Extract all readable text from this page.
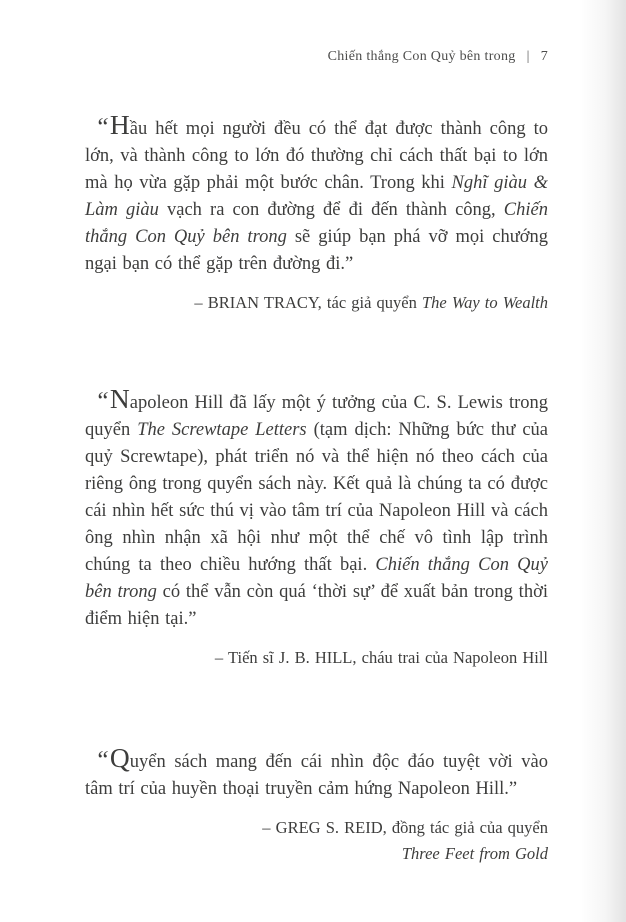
Chiến thắng Con Quỷ bên trong | 7

“Hầu hết mọi người đều có thể đạt được thành công to lớn, và thành công to lớn đó thường chỉ cách thất bại to lớn mà họ vừa gặp phải một bước chân. Trong khi Nghĩ giàu & Làm giàu vạch ra con đường để đi đến thành công, Chiến thắng Con Quỷ bên trong sẽ giúp bạn phá vỡ mọi chướng ngại bạn có thể gặp trên đường đi.”

– BRIAN TRACY, tác giả quyển The Way to Wealth

“Napoleon Hill đã lấy một ý tưởng của C. S. Lewis trong quyển The Screwtape Letters (tạm dịch: Những bức thư của quỷ Screwtape), phát triển nó và thể hiện nó theo cách của riêng ông trong quyển sách này. Kết quả là chúng ta có được cái nhìn hết sức thú vị vào tâm trí của Napoleon Hill và cách ông nhìn nhận xã hội như một thể chế vô tình lập trình chúng ta theo chiều hướng thất bại. Chiến thắng Con Quỷ bên trong có thể vẫn còn quá ‘thời sự’ để xuất bản trong thời điểm hiện tại.”

– Tiến sĩ J. B. HILL, cháu trai của Napoleon Hill

“Quyển sách mang đến cái nhìn độc đáo tuyệt vời vào tâm trí của huyền thoại truyền cảm hứng Napoleon Hill.”

– GREG S. REID, đồng tác giả của quyển
Three Feet from Gold
